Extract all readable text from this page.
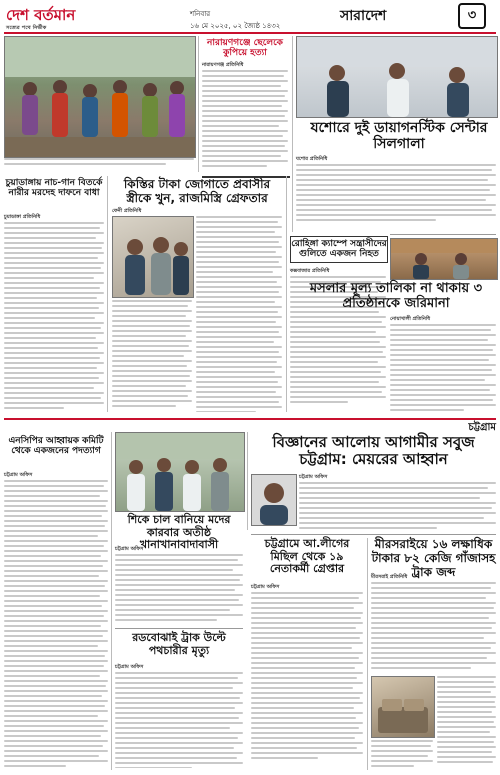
দেশ বর্তমান
সত্যের পথে নির্ভীক
শনিবার
১৬ মে ২০২৫, ০২ জ্যৈষ্ঠ ১৪৩২
সারাদেশ	৩
চুয়াডাঙ্গায় নাচ-গান বিতর্কে নারীর মরদেহ দাফনে বাধা
চুয়াডাঙ্গা প্রতিনিধি
কিস্তির টাকা জোগাতে প্রবাসীর স্ত্রীকে খুন, রাজমিস্ত্রি গ্রেফতার
ফেনী প্রতিনিধি
নারায়ণগঞ্জে ছেলেকে কুপিয়ে হত্যা
নারায়ণগঞ্জ প্রতিনিধি
রোহিঙ্গা ক্যাম্পে সন্ত্রাসীদের গুলিতে একজন নিহত
কক্সবাজার প্রতিনিধি
যশোরে দুই ডায়াগনস্টিক সেন্টার সিলগালা
যশোর প্রতিনিধি
মসলার মূল্য তালিকা না থাকায় ৩ প্রতিষ্ঠানকে জরিমানা
নোয়াখালী প্রতিনিধি
চট্টগ্রাম
এনসিপির আহ্বায়ক কমিটি থেকে একজনের পদত্যাগ
চট্টগ্রাম অফিস
শিকে চাল বানিয়ে মদের কারবার অতীষ্ঠ খানাখানাবাদাবাসী
চট্টগ্রাম অফিস
বিজ্ঞানের আলোয় আগামীর সবুজ চট্টগ্রাম: মেয়রের আহ্বান
চট্টগ্রাম অফিস
চট্টগ্রামে আ.লীগের মিছিল থেকে ১৯ নেতাকর্মী গ্রেপ্তার
চট্টগ্রাম অফিস
মীরসরাইয়ে ১৬ লক্ষাধিক টাকার ৮২ কেজি গাঁজাসহ ট্রাক জব্দ
মীরসরাই প্রতিনিধি
রডবোঝাই ট্রাক উল্টে পথচারীর মৃত্যু
চট্টগ্রাম অফিস
